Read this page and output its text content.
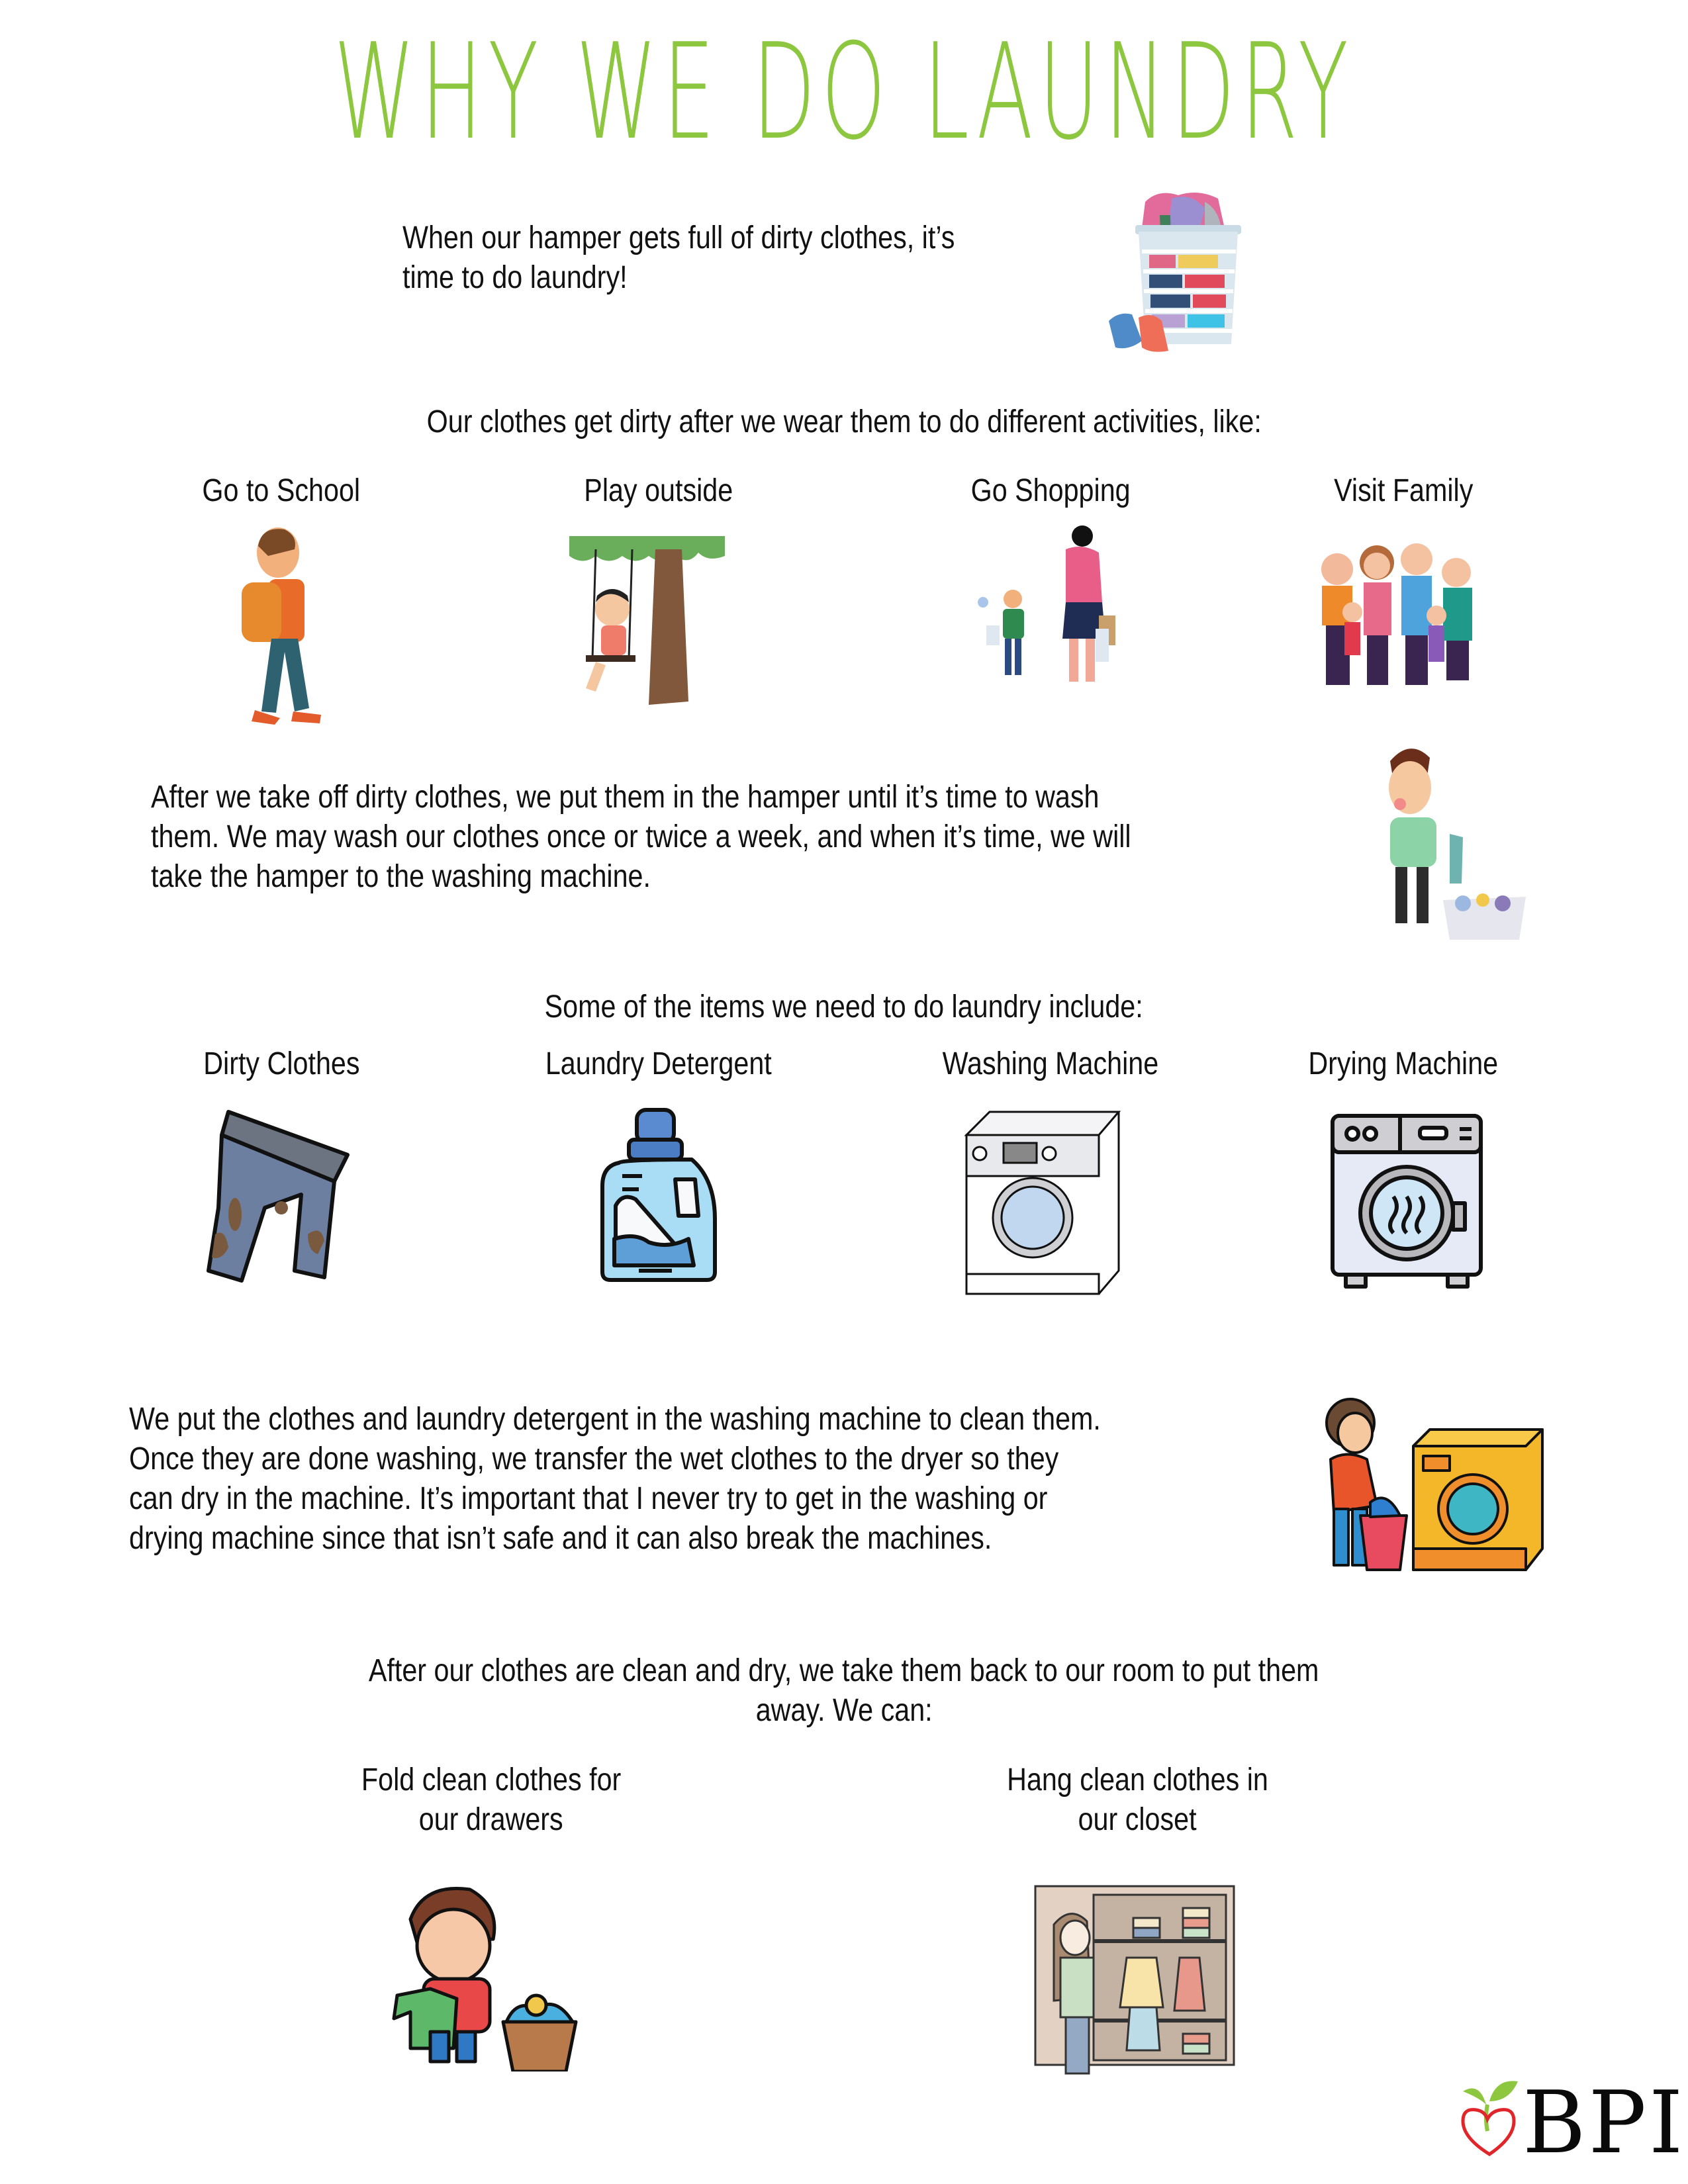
WHY WE DO LAUNDRY
When our hamper gets full of dirty clothes, it’s
time to do laundry!
Our clothes get dirty after we wear them to do different activities, like:
Go to School	Play outside	Go Shopping	Visit Family
After we take off dirty clothes, we put them in the hamper until it’s time to wash
them. We may wash our clothes once or twice a week, and when it’s time, we will
take the hamper to the washing machine.
Some of the items we need to do laundry include:
Dirty Clothes	Laundry Detergent	Washing Machine	Drying Machine
We put the clothes and laundry detergent in the washing machine to clean them.
Once they are done washing, we transfer the wet clothes to the dryer so they
can dry in the machine. It’s important that I never try to get in the washing or
drying machine since that isn’t safe and it can also break the machines.
After our clothes are clean and dry, we take them back to our room to put them
away. We can:
Fold clean clothes for
our drawers
Hang clean clothes in
our closet
BPI
